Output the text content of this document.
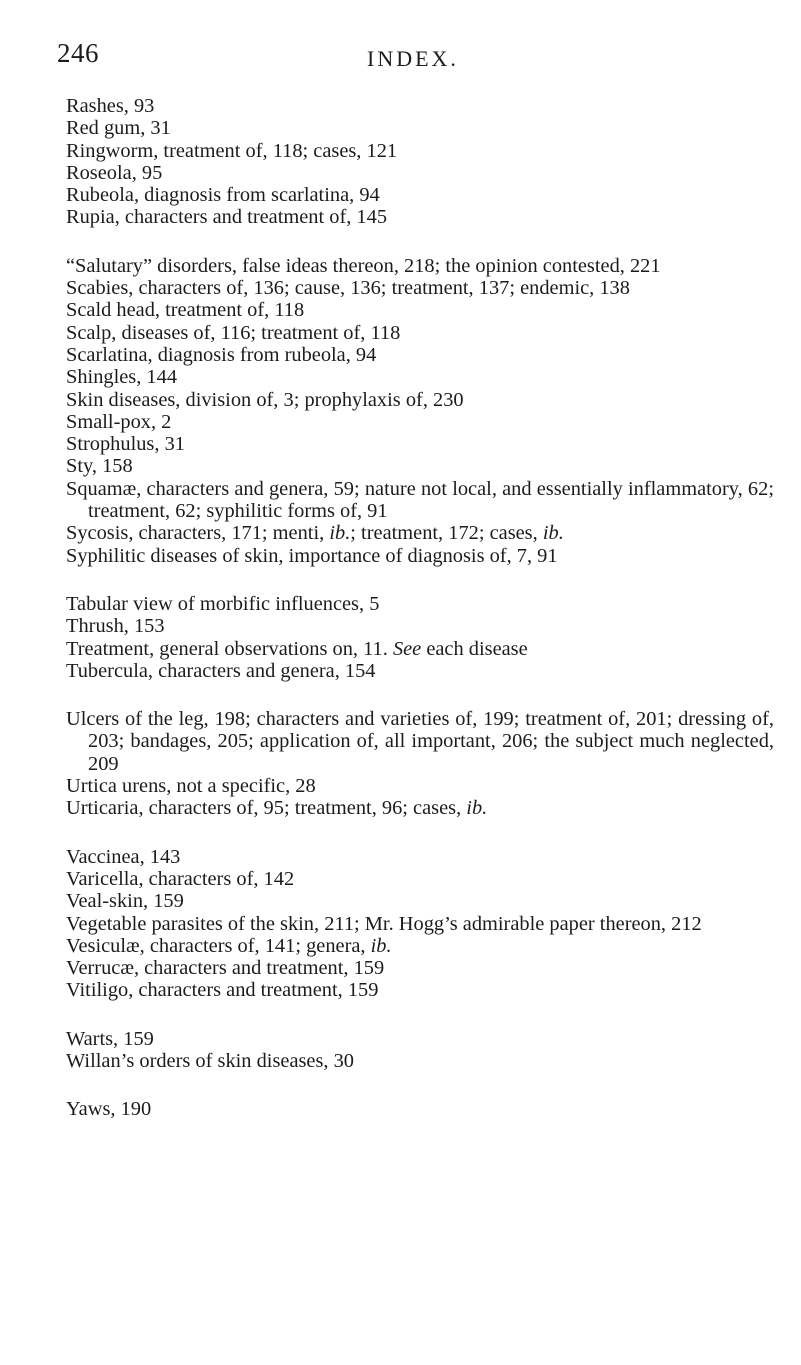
246	INDEX.

Rashes, 93

Red gum, 31

Ringworm, treatment of, 118; cases, 121

Roseola, 95

Rubeola, diagnosis from scarlatina, 94

Rupia, characters and treatment of, 145

“Salutary” disorders, false ideas thereon, 218; the opinion contested, 221

Scabies, characters of, 136; cause, 136; treatment, 137; endemic, 138

Scald head, treatment of, 118

Scalp, diseases of, 116; treatment of, 118

Scarlatina, diagnosis from rubeola, 94

Shingles, 144

Skin diseases, division of, 3; prophylaxis of, 230

Small-pox, 2

Strophulus, 31

Sty, 158

Squamæ, characters and genera, 59; nature not local, and essentially inflammatory, 62; treatment, 62; syphilitic forms of, 91

Sycosis, characters, 171; menti, ib.; treatment, 172; cases, ib.

Syphilitic diseases of skin, importance of diagnosis of, 7, 91

Tabular view of morbific influences, 5

Thrush, 153

Treatment, general observations on, 11. See each disease

Tubercula, characters and genera, 154

Ulcers of the leg, 198; characters and varieties of, 199; treatment of, 201; dressing of, 203; bandages, 205; application of, all important, 206; the subject much neglected, 209

Urtica urens, not a specific, 28

Urticaria, characters of, 95; treatment, 96; cases, ib.

Vaccinea, 143

Varicella, characters of, 142

Veal-skin, 159

Vegetable parasites of the skin, 211; Mr. Hogg’s admirable paper thereon, 212

Vesiculæ, characters of, 141; genera, ib.

Verrucæ, characters and treatment, 159

Vitiligo, characters and treatment, 159

Warts, 159

Willan’s orders of skin diseases, 30

Yaws, 190
